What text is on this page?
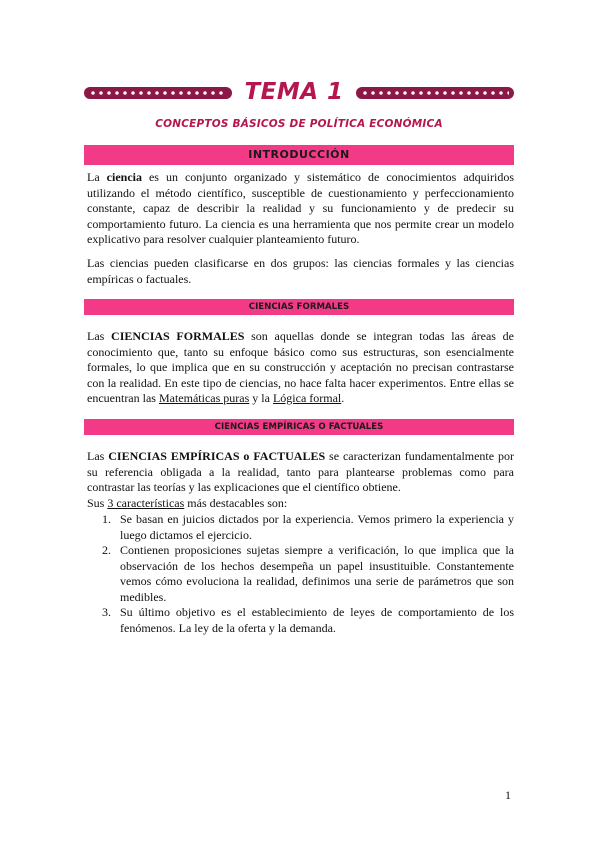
TEMA 1
CONCEPTOS BÁSICOS DE POLÍTICA ECONÓMICA
INTRODUCCIÓN
La ciencia es un conjunto organizado y sistemático de conocimientos adquiridos utilizando el método científico, susceptible de cuestionamiento y perfeccionamiento constante, capaz de describir la realidad y su funcionamiento y de predecir su comportamiento futuro. La ciencia es una herramienta que nos permite crear un modelo explicativo para resolver cualquier planteamiento futuro.
Las ciencias pueden clasificarse en dos grupos: las ciencias formales y las ciencias empíricas o factuales.
CIENCIAS FORMALES
Las CIENCIAS FORMALES son aquellas donde se integran todas las áreas de conocimiento que, tanto su enfoque básico como sus estructuras, son esencialmente formales, lo que implica que en su construcción y aceptación no precisan contrastarse con la realidad. En este tipo de ciencias, no hace falta hacer experimentos. Entre ellas se encuentran las Matemáticas puras y la Lógica formal.
CIENCIAS EMPÍRICAS O FACTUALES
Las CIENCIAS EMPÍRICAS o FACTUALES se caracterizan fundamentalmente por su referencia obligada a la realidad, tanto para plantearse problemas como para contrastar las teorías y las explicaciones que el científico obtiene.
Sus 3 características más destacables son:
1. Se basan en juicios dictados por la experiencia. Vemos primero la experiencia y luego dictamos el ejercicio.
2. Contienen proposiciones sujetas siempre a verificación, lo que implica que la observación de los hechos desempeña un papel insustituible. Constantemente vemos cómo evoluciona la realidad, definimos una serie de parámetros que son medibles.
3. Su último objetivo es el establecimiento de leyes de comportamiento de los fenómenos. La ley de la oferta y la demanda.
1
